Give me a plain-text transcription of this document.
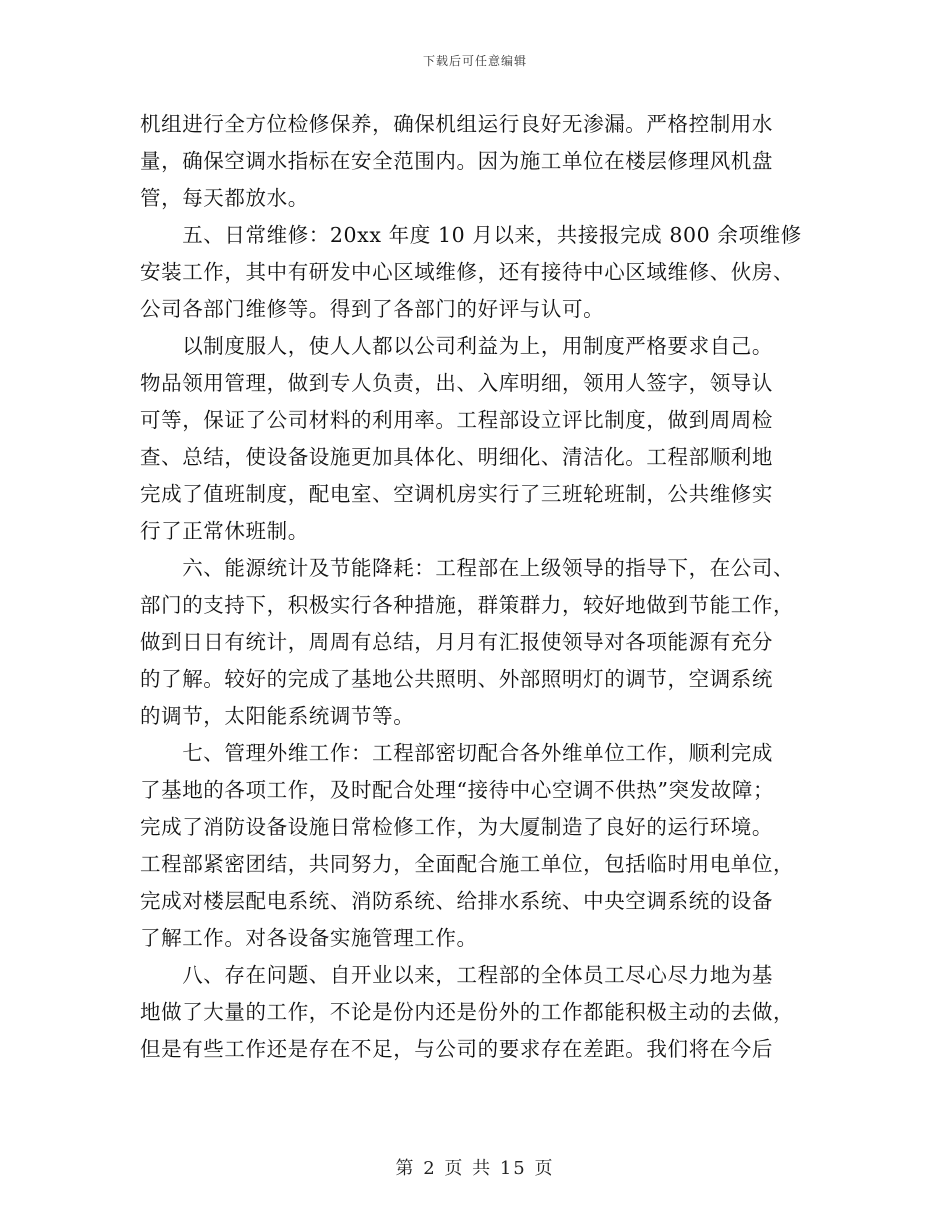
下载后可任意编辑

机组进行全方位检修保养，确保机组运行良好无渗漏。严格控制用水
量，确保空调水指标在安全范围内。因为施工单位在楼层修理风机盘
管，每天都放水。

　　五、日常维修：20xx 年度 10 月以来，共接报完成 800 余项维修
安装工作，其中有研发中心区域维修，还有接待中心区域维修、伙房、
公司各部门维修等。得到了各部门的好评与认可。

　　以制度服人，使人人都以公司利益为上，用制度严格要求自己。
物品领用管理，做到专人负责，出、入库明细，领用人签字，领导认
可等，保证了公司材料的利用率。工程部设立评比制度，做到周周检
查、总结，使设备设施更加具体化、明细化、清洁化。工程部顺利地
完成了值班制度，配电室、空调机房实行了三班轮班制，公共维修实
行了正常休班制。

　　六、能源统计及节能降耗：工程部在上级领导的指导下，在公司、
部门的支持下，积极实行各种措施，群策群力，较好地做到节能工作，
做到日日有统计，周周有总结，月月有汇报使领导对各项能源有充分
的了解。较好的完成了基地公共照明、外部照明灯的调节，空调系统
的调节，太阳能系统调节等。

　　七、管理外维工作：工程部密切配合各外维单位工作，顺利完成
了基地的各项工作，及时配合处理“接待中心空调不供热”突发故障；
完成了消防设备设施日常检修工作，为大厦制造了良好的运行环境。
工程部紧密团结，共同努力，全面配合施工单位，包括临时用电单位，
完成对楼层配电系统、消防系统、给排水系统、中央空调系统的设备
了解工作。对各设备实施管理工作。

　　八、存在问题、自开业以来，工程部的全体员工尽心尽力地为基
地做了大量的工作，不论是份内还是份外的工作都能积极主动的去做，
但是有些工作还是存在不足，与公司的要求存在差距。我们将在今后

第 2 页 共 15 页
